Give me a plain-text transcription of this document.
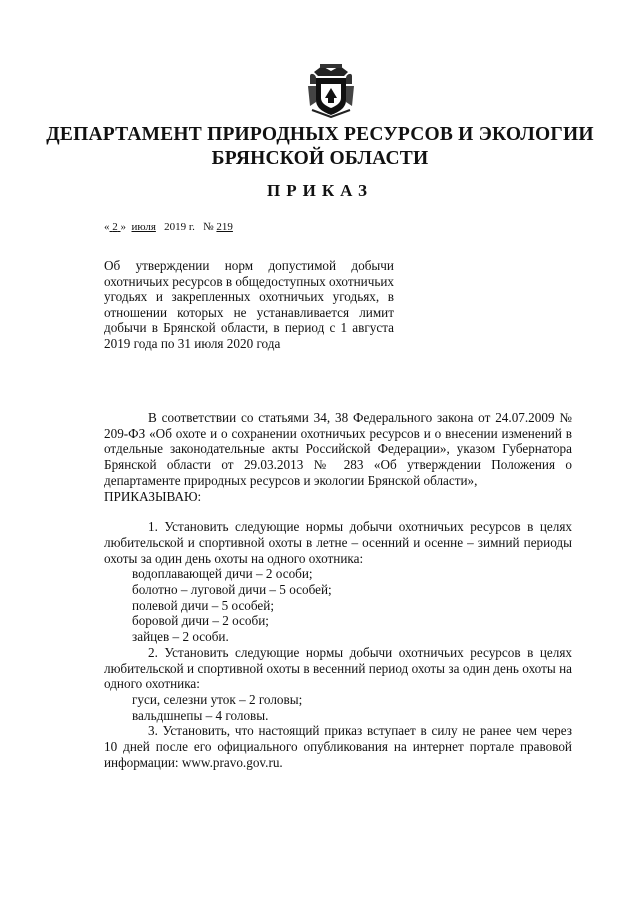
ДЕПАРТАМЕНТ ПРИРОДНЫХ РЕСУРСОВ И ЭКОЛОГИИ
БРЯНСКОЙ ОБЛАСТИ
ПРИКАЗ
« 2 » июля 2019 г. № 219
Об утверждении норм допустимой добычи охотничьих ресурсов в общедоступных охотничьих угодьях и закрепленных охотничьих угодьях, в отношении которых не устанавливается лимит добычи в Брянской области, в период с 1 августа 2019 года по 31 июля 2020 года

В соответствии со статьями 34, 38 Федерального закона от 24.07.2009 № 209-ФЗ «Об охоте и о сохранении охотничьих ресурсов и о внесении изменений в отдельные законодательные акты Российской Федерации», указом Губернатора Брянской области от 29.03.2013 № 283 «Об утверждении Положения о департаменте природных ресурсов и экологии Брянской области»,

ПРИКАЗЫВАЮ:

1. Установить следующие нормы добычи охотничьих ресурсов в целях любительской и спортивной охоты в летне – осенний и осенне – зимний периоды охоты за один день охоты на одного охотника:

водоплавающей дичи – 2 особи;

болотно – луговой дичи – 5 особей;

полевой дичи – 5 особей;

боровой дичи – 2 особи;

зайцев – 2 особи.

2. Установить следующие нормы добычи охотничьих ресурсов в целях любительской и спортивной охоты в весенний период охоты за один день охоты на одного охотника:

гуси, селезни уток – 2 головы;

вальдшнепы – 4 головы.

3. Установить, что настоящий приказ вступает в силу не ранее чем через 10 дней после его официального опубликования на интернет портале правовой информации: www.pravo.gov.ru.
